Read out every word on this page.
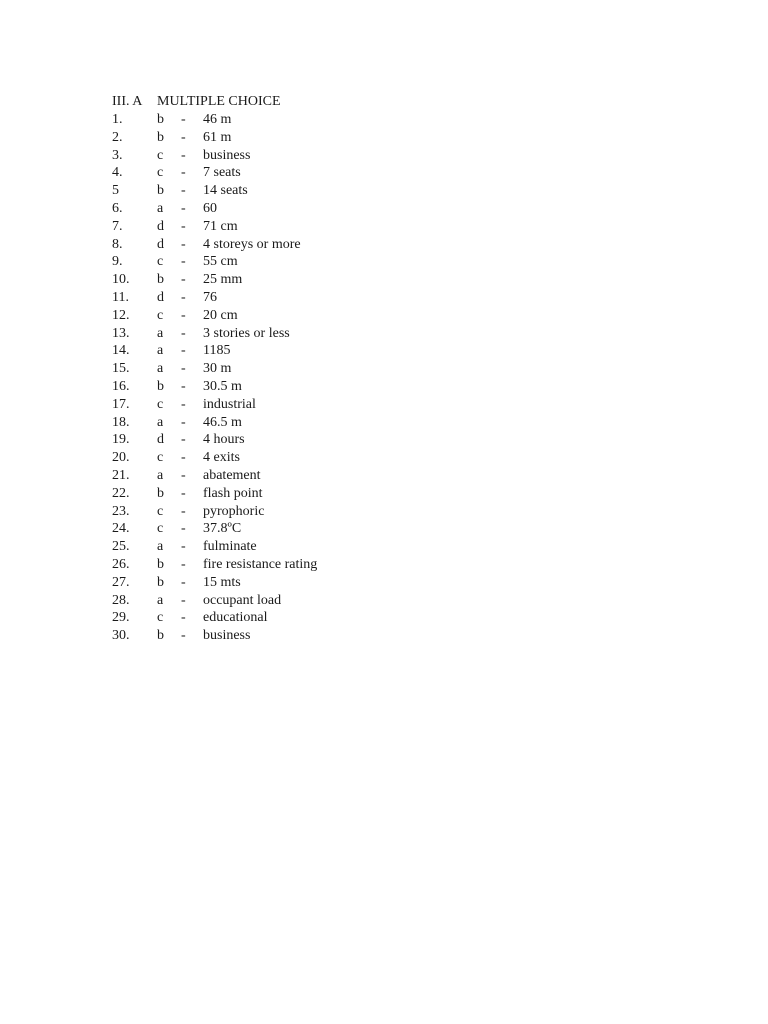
III. A MULTIPLE CHOICE
1. b - 46 m
2. b - 61 m
3. c - business
4. c - 7 seats
5	b - 14 seats
6. a - 60
7. d - 71 cm
8. d - 4 storeys or more
9. c - 55 cm
10. b - 25 mm
11. d - 76
12. c - 20 cm
13. a - 3 stories or less
14. a - 1185
15. a - 30 m
16. b - 30.5 m
17. c - industrial
18. a - 46.5 m
19. d - 4 hours
20. c - 4 exits
21. a - abatement
22. b - flash point
23. c - pyrophoric
24. c - 37.8ºC
25. a - fulminate
26. b - fire resistance rating
27. b - 15 mts
28. a - occupant load
29. c - educational
30. b - business
